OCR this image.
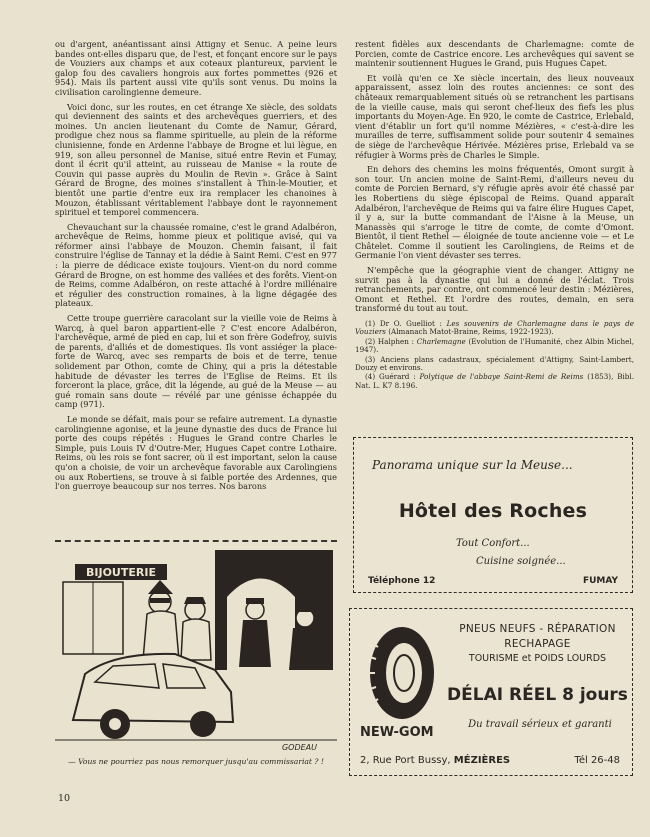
ou d'argent, anéantissant ainsi Attigny et Senuc. A peine leurs bandes ont-elles disparu que, de l'est, et fonçant encore sur le pays de Vouziers aux champs et aux coteaux plantureux, parvient le galop fou des cavaliers hongrois aux fortes pommettes (926 et 954). Mais ils partent aussi vite qu'ils sont venus. Du moins la civilisation carolingienne demeure.

Voici donc, sur les routes, en cet étrange Xe siècle, des soldats qui deviennent des saints et des archevêques guerriers, et des moines. Un ancien lieutenant du Comte de Namur, Gérard, prodigue chez nous sa flamme spirituelle, au plein de la réforme clunisienne, fonde en Ardenne l'abbaye de Brogne et lui lègue, en 919, son alleu personnel de Manise, situé entre Revin et Fumay, dont il écrit qu'il atteint, au ruisseau de Manise « la route de Couvin qui passe auprès du Moulin de Revin ». Grâce à Saint Gérard de Brogne, des moines s'installent à Thin-le-Moutier, et bientôt une partie d'entre eux ira remplacer les chanoines à Mouzon, établissant véritablement l'abbaye dont le rayonnement spirituel et temporel commencera.

Chevauchant sur la chaussée romaine, c'est le grand Adalbéron, archevêque de Reims, homme pieux et politique avisé, qui va réformer ainsi l'abbaye de Mouzon. Chemin faisant, il fait construire l'église de Tannay et la dédie à Saint Remi. C'est en 977 : la pierre de dédicace existe toujours. Vient-on du nord comme Gérard de Brogne, on est homme des vallées et des forêts. Vient-on de Reims, comme Adalbéron, on reste attaché à l'ordre millénaire et régulier des construction romaines, à la ligne dégagée des plateaux.

Cette troupe guerrière caracolant sur la vieille voie de Reims à Warcq, à quel baron appartient-elle ? C'est encore Adalbéron, l'archevêque, armé de pied en cap, lui et son frère Godefroy, suivis de parents, d'alliés et de domestiques. Ils vont assiéger la place-forte de Warcq, avec ses remparts de bois et de terre, tenue solidement par Othon, comte de Chiny, qui a pris la détestable habitude de dévaster les terres de l'Eglise de Reims. Et ils forceront la place, grâce, dit la légende, au gué de la Meuse — au gué romain sans doute — révélé par une génisse échappée du camp (971).

Le monde se défait, mais pour se refaire autrement. La dynastie carolingienne agonise, et la jeune dynastie des ducs de France lui porte des coups répétés : Hugues le Grand contre Charles le Simple, puis Louis IV d'Outre-Mer, Hugues Capet contre Lothaire. Reims, où les rois se font sacrer, où il est important, selon la cause qu'on a choisie, de voir un archevêque favorable aux Carolingiens ou aux Robertiens, se trouve à si faible portée des Ardennes, que l'on guerroye beaucoup sur nos terres. Nos barons

restent fidèles aux descendants de Charlemagne: comte de Porcien, comte de Castrice encore. Les archevêques qui savent se maintenir soutiennent Hugues le Grand, puis Hugues Capet.

Et voilà qu'en ce Xe siècle incertain, des lieux nouveaux apparaissent, assez loin des routes anciennes: ce sont des châteaux remarquablement situés où se retranchent les partisans de la vieille cause, mais qui seront chef-lieux des fiefs les plus importants du Moyen-Age. En 920, le comte de Castrice, Erlebald, vient d'établir un fort qu'il nomme Mézières, « c'est-à-dire les murailles de terre, suffisamment solide pour soutenir 4 semaines de siège de l'archevêque Hérivée. Mézières prise, Erlebald va se réfugier à Worms près de Charles le Simple.

En dehors des chemins les moins fréquentés, Omont surgit à son tour. Un ancien moine de Saint-Remi, d'ailleurs neveu du comte de Porcien Bernard, s'y réfugie après avoir été chassé par les Robertiens du siège épiscopal de Reims. Quand apparaît Adalbéron, l'archevêque de Reims qui va faire élire Hugues Capet, il y a, sur la butte commandant de l'Aisne à la Meuse, un Manassès qui s'arroge le titre de comte, de comte d'Omont. Bientôt, il tient Rethel — éloignée de toute ancienne voie — et Le Châtelet. Comme il soutient les Carolingiens, de Reims et de Germanie l'on vient dévaster ses terres.

N'empêche que la géographie vient de changer. Attigny ne survit pas à la dynastie qui lui a donné de l'éclat. Trois retranchements, par contre, ont commencé leur destin : Mézières, Omont et Rethel. Et l'ordre des routes, demain, en sera transformé du tout au tout.

(1) Dr O. Guelliot : Les souvenirs de Charlemagne dans le pays de Vouziers (Almanach Matot-Braine, Reims, 1922-1923).

(2) Halphen : Charlemagne (Evolution de l'Humanité, chez Albin Michel, 1947).

(3) Anciens plans cadastraux, spécialement d'Attigny, Saint-Lambert, Douzy et environs.

(4) Guérard : Polytique de l'abbaye Saint-Remi de Reims (1853), Bibl. Nat. L. K7 8.196.

BIJOUTERIE
GODEAU
— Vous ne pourriez pas nous remorquer jusqu'au commissariat ? !
Panorama unique sur la Meuse...
Hôtel des Roches
Tout Confort...
Cuisine soignée...
Téléphone 12	FUMAY
PNEUS NEUFS - RÉPARATION
RECHAPAGE
TOURISME et POIDS LOURDS
DÉLAI RÉEL 8 jours
Du travail sérieux et garanti
NEW-GOM
2, Rue Port Bussy, MÉZIÈRES	Tél 26-48
10
